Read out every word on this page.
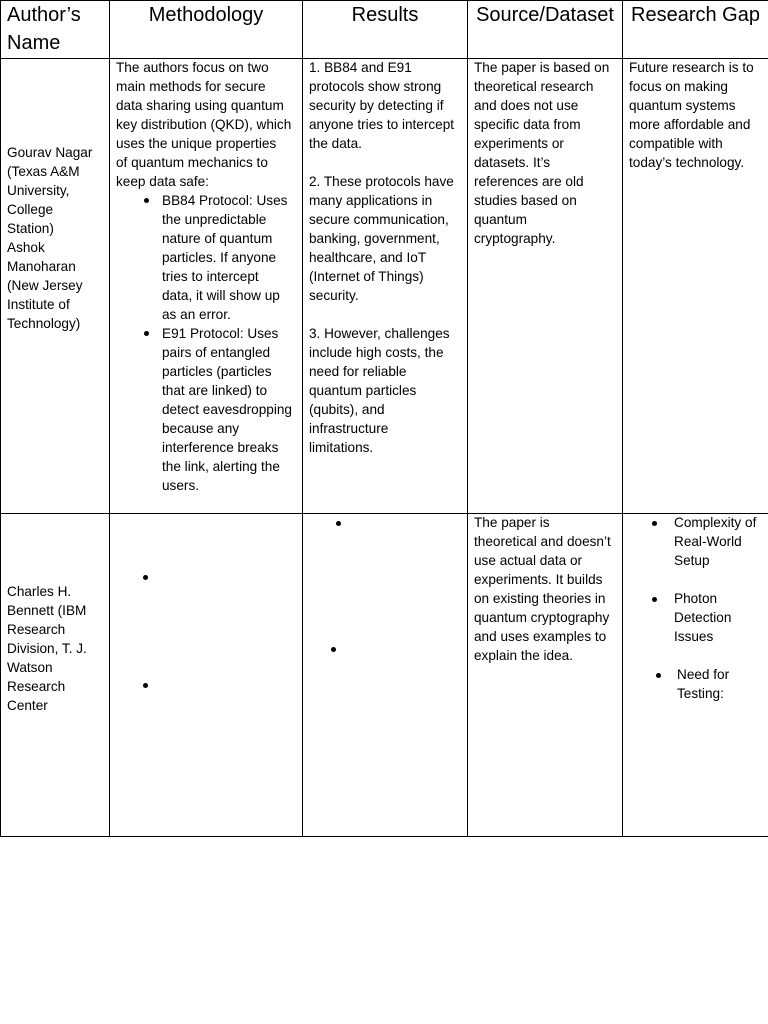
Author’s
Name
Methodology	Results	Source/Dataset Research Gap
Gourav Nagar
(Texas A&M
University,
College
Station)
Ashok
Manoharan
(New Jersey
Institute of
Technology)
The authors focus on two
main methods for secure
data sharing using quantum
key distribution (QKD), which
uses the unique properties
of quantum mechanics to
keep data safe:
BB84 Protocol: Uses
the unpredictable
nature of quantum
particles. If anyone
tries to intercept
data, it will show up
as an error.
E91 Protocol: Uses
pairs of entangled
particles (particles
that are linked) to
detect eavesdropping
because any
interference breaks
the link, alerting the
users.
1. BB84 and E91
protocols show strong
security by detecting if
anyone tries to intercept
the data.
2. These protocols have
many applications in
secure communication,
banking, government,
healthcare, and IoT
(Internet of Things)
security.
3. However, challenges
include high costs, the
need for reliable
quantum particles
(qubits), and
infrastructure
limitations.
The paper is based on
theoretical research
and does not use
specific data from
experiments or
datasets. It’s
references are old
studies based on
quantum
cryptography.
Future research is to
focus on making
quantum systems
more affordable and
compatible with
today’s technology.
Charles H.
Bennett (IBM
Research
Division, T. J.
Watson
Research
Center
The paper is
theoretical and doesn’t
use actual data or
experiments. It builds
on existing theories in
quantum cryptography
and uses examples to
explain the idea.
Complexity of
Real-World
Setup
Photon
Detection
Issues
Need for
Testing:
